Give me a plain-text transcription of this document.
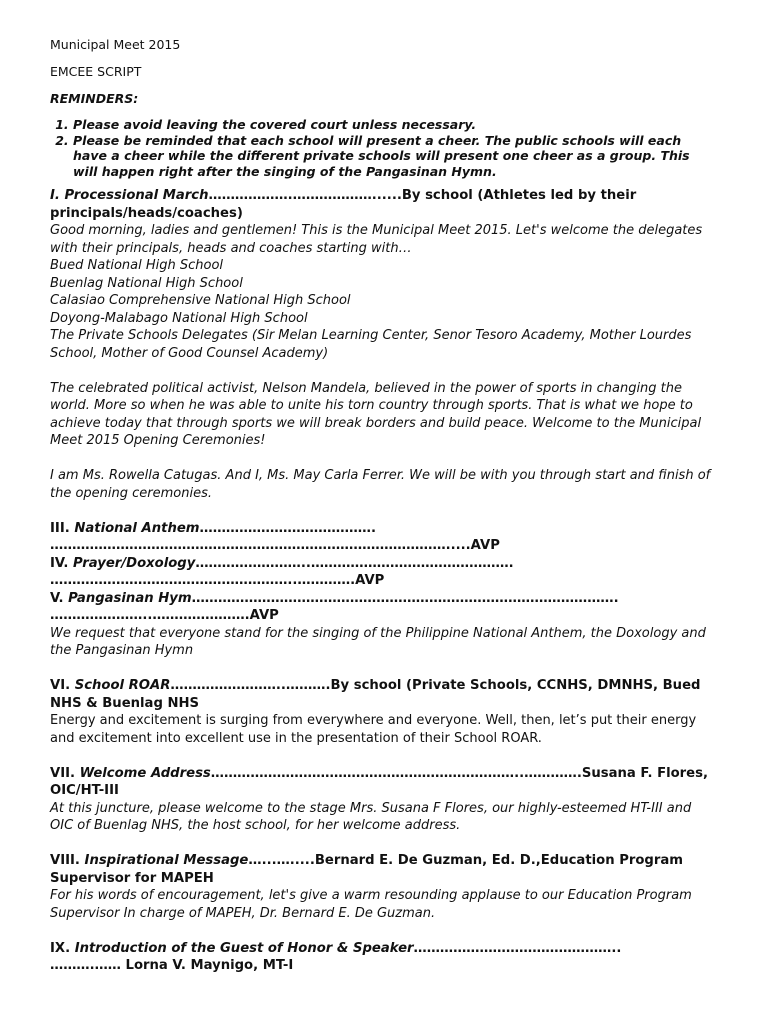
Municipal Meet 2015
EMCEE SCRIPT
REMINDERS:
1. Please avoid leaving the covered court unless necessary.
2. Please be reminded that each school will present a cheer. The public schools will each have a cheer while the different private schools will present one cheer as a group. This will happen right after the singing of the Pangasinan Hymn.
I. Processional March……………….………………......By school (Athletes led by their principals/heads/coaches)
Good morning, ladies and gentlemen! This is the Municipal Meet 2015. Let's welcome the delegates with their principals, heads and coaches starting with…
Bued National High School
Buenlag National High School
Calasiao Comprehensive National High School
Doyong-Malabago National High School
The Private Schools Delegates (Sir Melan Learning Center, Senor Tesoro Academy, Mother Lourdes School, Mother of Good Counsel Academy)
The celebrated political activist, Nelson Mandela, believed in the power of sports in changing the world. More so when he was able to unite his torn country through sports. That is what we hope to achieve today that through sports we will break borders and build peace. Welcome to the Municipal Meet 2015 Opening Ceremonies!
I am Ms. Rowella Catugas. And I, Ms. May Carla Ferrer. We will be with you through start and finish of the opening ceremonies.
III. National Anthem………………………………….
……………………………………………………………………………….....AVP
IV. Prayer/Doxology……………………..……………………………………….
………………………………………………..………….AVP
V. Pangasinan Hym…………………………………………………………………………………….
…………………..………………….AVP
We request that everyone stand for the singing of the Philippine National Anthem, the Doxology and the Pangasinan Hymn
VI. School ROAR……………………..……….By school (Private Schools, CCNHS, DMNHS, Bued NHS & Buenlag NHS
Energy and excitement is surging from everywhere and everyone. Well, then, let’s put their energy and excitement into excellent use in the presentation of their School ROAR.
VII. Welcome Address……………………………………………………………..………….Susana F. Flores, OIC/HT-III
At this juncture, please welcome to the stage Mrs. Susana F Flores, our highly-esteemed HT-III and OIC of Buenlag NHS, the host school, for her welcome address.
VIII. Inspirational Message…...….....Bernard E. De Guzman, Ed. D.,Education Program Supervisor for MAPEH
For his words of encouragement, let's give a warm resounding applause to our Education Program Supervisor In charge of MAPEH, Dr. Bernard E. De Guzman.
IX. Introduction of the Guest of Honor & Speaker………………………………………..
……….…… Lorna V. Maynigo, MT-I
